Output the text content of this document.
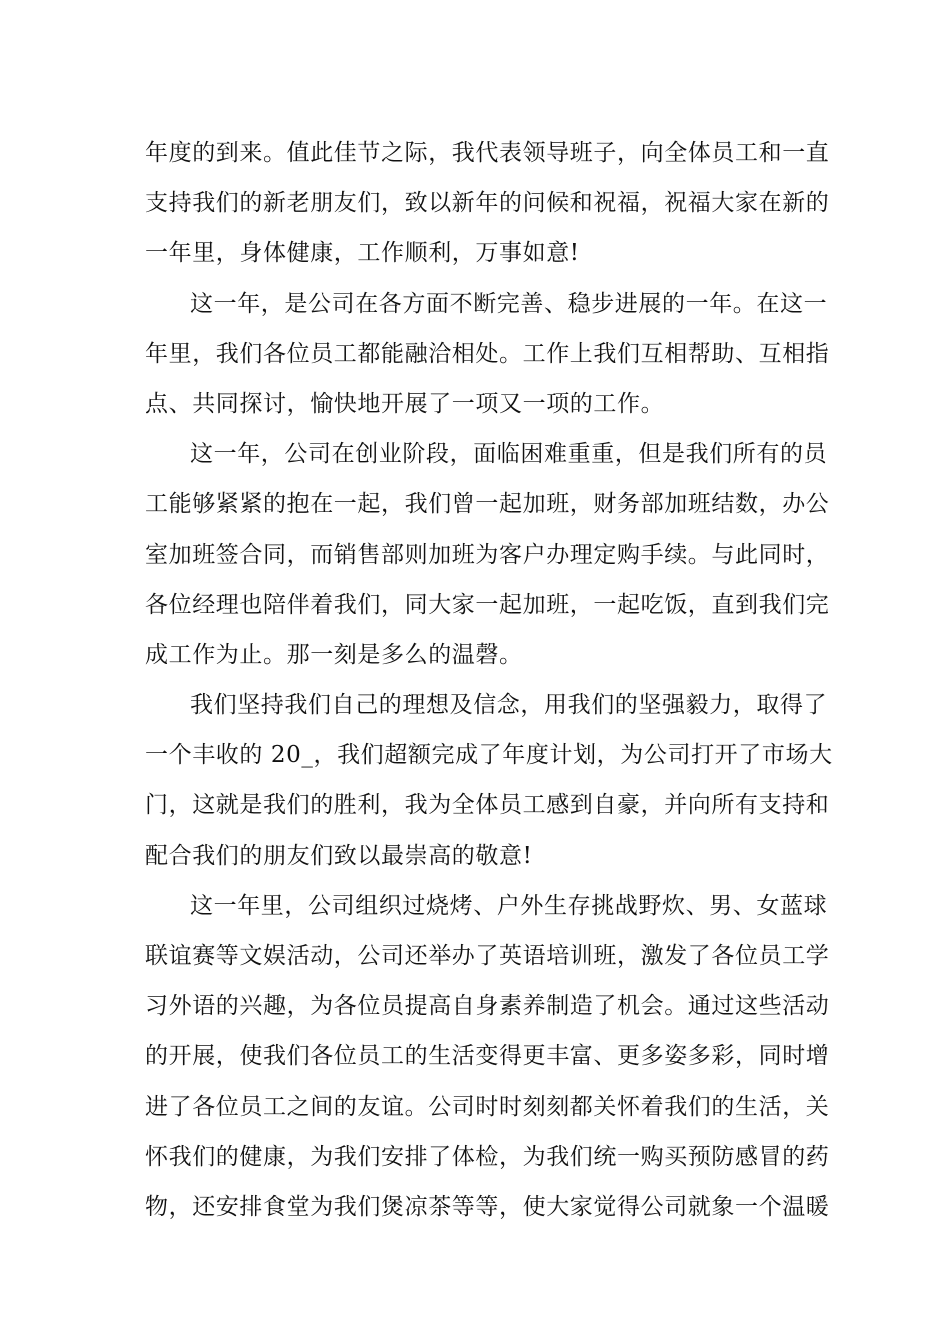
年度的到来。值此佳节之际，我代表领导班子，向全体员工和一直
支持我们的新老朋友们，致以新年的问候和祝福，祝福大家在新的
一年里，身体健康，工作顺利，万事如意!
这一年，是公司在各方面不断完善、稳步进展的一年。在这一
年里，我们各位员工都能融洽相处。工作上我们互相帮助、互相指
点、共同探讨，愉快地开展了一项又一项的工作。
这一年，公司在创业阶段，面临困难重重，但是我们所有的员
工能够紧紧的抱在一起，我们曾一起加班，财务部加班结数，办公
室加班签合同，而销售部则加班为客户办理定购手续。与此同时，
各位经理也陪伴着我们，同大家一起加班，一起吃饭，直到我们完
成工作为止。那一刻是多么的温磬。
我们坚持我们自己的理想及信念，用我们的坚强毅力，取得了
一个丰收的 20_，我们超额完成了年度计划，为公司打开了市场大
门，这就是我们的胜利，我为全体员工感到自豪，并向所有支持和
配合我们的朋友们致以最崇高的敬意!
这一年里，公司组织过烧烤、户外生存挑战野炊、男、女蓝球
联谊赛等文娱活动，公司还举办了英语培训班，激发了各位员工学
习外语的兴趣，为各位员提高自身素养制造了机会。通过这些活动
的开展，使我们各位员工的生活变得更丰富、更多姿多彩，同时增
进了各位员工之间的友谊。公司时时刻刻都关怀着我们的生活，关
怀我们的健康，为我们安排了体检，为我们统一购买预防感冒的药
物，还安排食堂为我们煲凉茶等等，使大家觉得公司就象一个温暖
